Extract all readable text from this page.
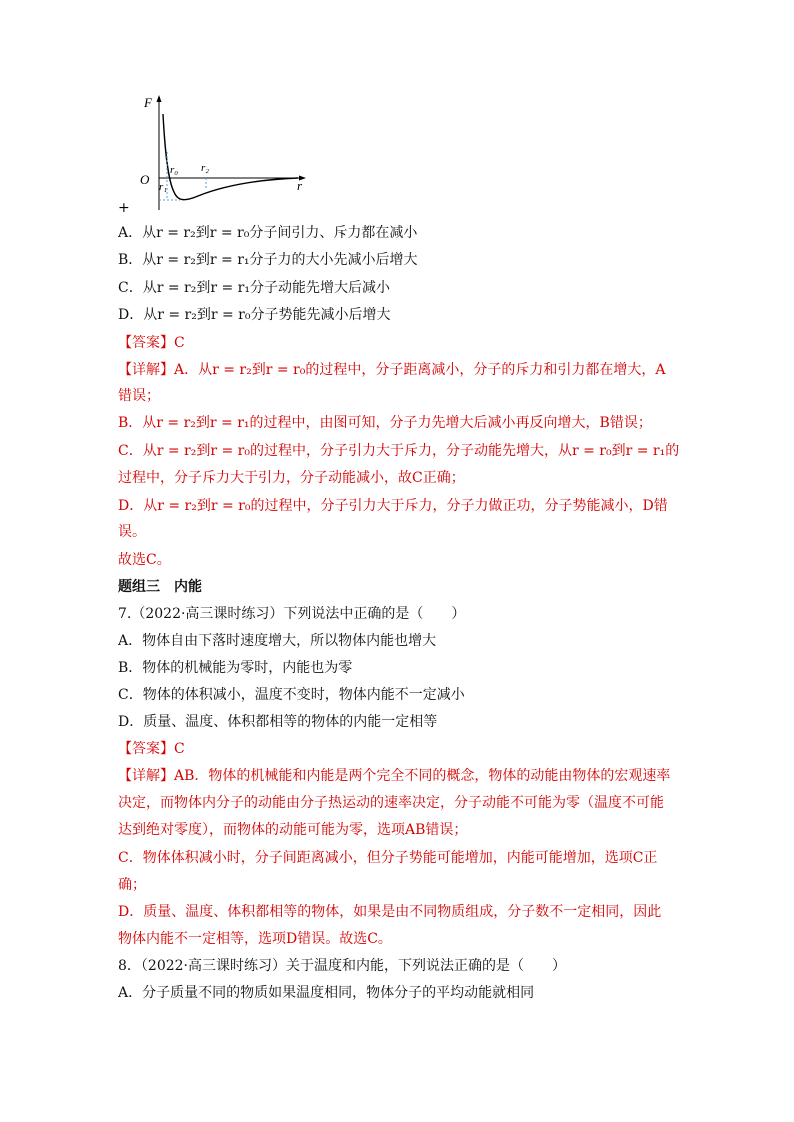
F
O	r
r₀
r₁
r₂
+
A．从r = r₂到r = r₀分子间引力、斥力都在减小
B．从r = r₂到r = r₁分子力的大小先减小后增大
C．从r = r₂到r = r₁分子动能先增大后减小
D．从r = r₂到r = r₀分子势能先减小后增大
【答案】C
【详解】A．从r = r₂到r = r₀的过程中，分子距离减小，分子的斥力和引力都在增大，A
错误；
B．从r = r₂到r = r₁的过程中，由图可知，分子力先增大后减小再反向增大，B错误；
C．从r = r₂到r = r₀的过程中，分子引力大于斥力，分子动能先增大，从r = r₀到r = r₁的
过程中，分子斥力大于引力，分子动能减小，故C正确；
D．从r = r₂到r = r₀的过程中，分子引力大于斥力，分子力做正功，分子势能减小，D错
误。
故选C。
题组三　内能
7.（2022·高三课时练习）下列说法中正确的是（　　）
A．物体自由下落时速度增大，所以物体内能也增大
B．物体的机械能为零时，内能也为零
C．物体的体积减小，温度不变时，物体内能不一定减小
D．质量、温度、体积都相等的物体的内能一定相等
【答案】C
【详解】AB．物体的机械能和内能是两个完全不同的概念，物体的动能由物体的宏观速率
决定，而物体内分子的动能由分子热运动的速率决定，分子动能不可能为零（温度不可能
达到绝对零度），而物体的动能可能为零，选项AB错误；
C．物体体积减小时，分子间距离减小，但分子势能可能增加，内能可能增加，选项C正
确；
D．质量、温度、体积都相等的物体，如果是由不同物质组成，分子数不一定相同，因此
物体内能不一定相等，选项D错误。故选C。
8．（2022·高三课时练习）关于温度和内能，下列说法正确的是（　　）
A．分子质量不同的物质如果温度相同，物体分子的平均动能就相同
